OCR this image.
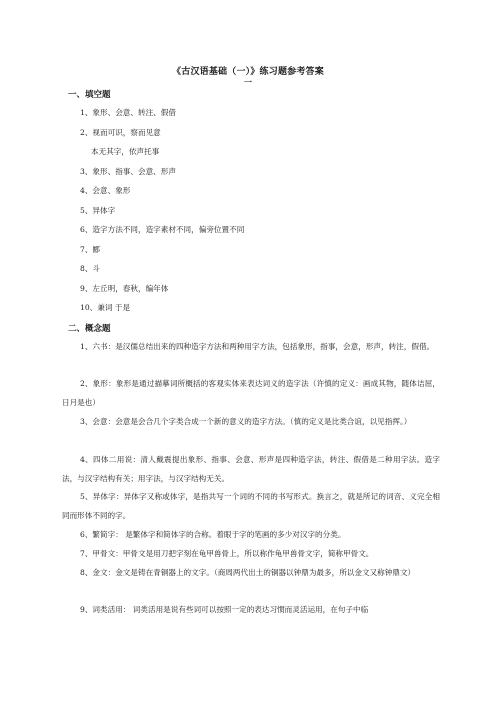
《古汉语基础（一）》练习题参考答案
一
一、填空题
1、象形、会意、转注、假借
2、视而可识，察而见意
本无其字，依声托事
3、象形、指事、会意、形声
4、会意、象形
5、异体字
6、造字方法不同，造字素材不同，偏旁位置不同
7、郾
8、斗
9、左丘明，春秋，编年体
10、兼词 于是
二、概念题
1、六书：是汉儒总结出来的四种造字方法和两种用字方法，包括象形，指事，会意，形声，转注，假借。
2、象形：象形是通过描摹词所概括的客观实体来表达词义的造字法（许慎的定义：画成其物，随体诘屈，日月是也）
3、会意：会意是会合几个字类合成一个新的意义的造字方法。（慎的定义是比类合谊，以见指挥。）
4、四体二用说：清人戴震提出象形、指事、会意、形声是四种造字法，转注、假借是二种用字法。造字法，与汉字结构有关；用字法，与汉字结构无关。
5、异体字：异体字又称或体字，是指共写一个词的不同的书写形式。换言之，就是所记的词音、义完全相同而形体不同的字。
6、繁简字： 是繁体字和简体字的合称。着眼于字的笔画的多少对汉字的分类。
7、甲骨文：甲骨文是用刀把字刻在龟甲兽骨上，所以称作龟甲兽骨文字，简称甲骨文。
8、金文：金文是铸在青铜器上的文字。（商周两代出土的铜器以钟鼎为最多，所以金文又称钟鼎文）
9、词类活用： 词类活用是说有些词可以按照一定的表达习惯而灵活运用，在句子中临
